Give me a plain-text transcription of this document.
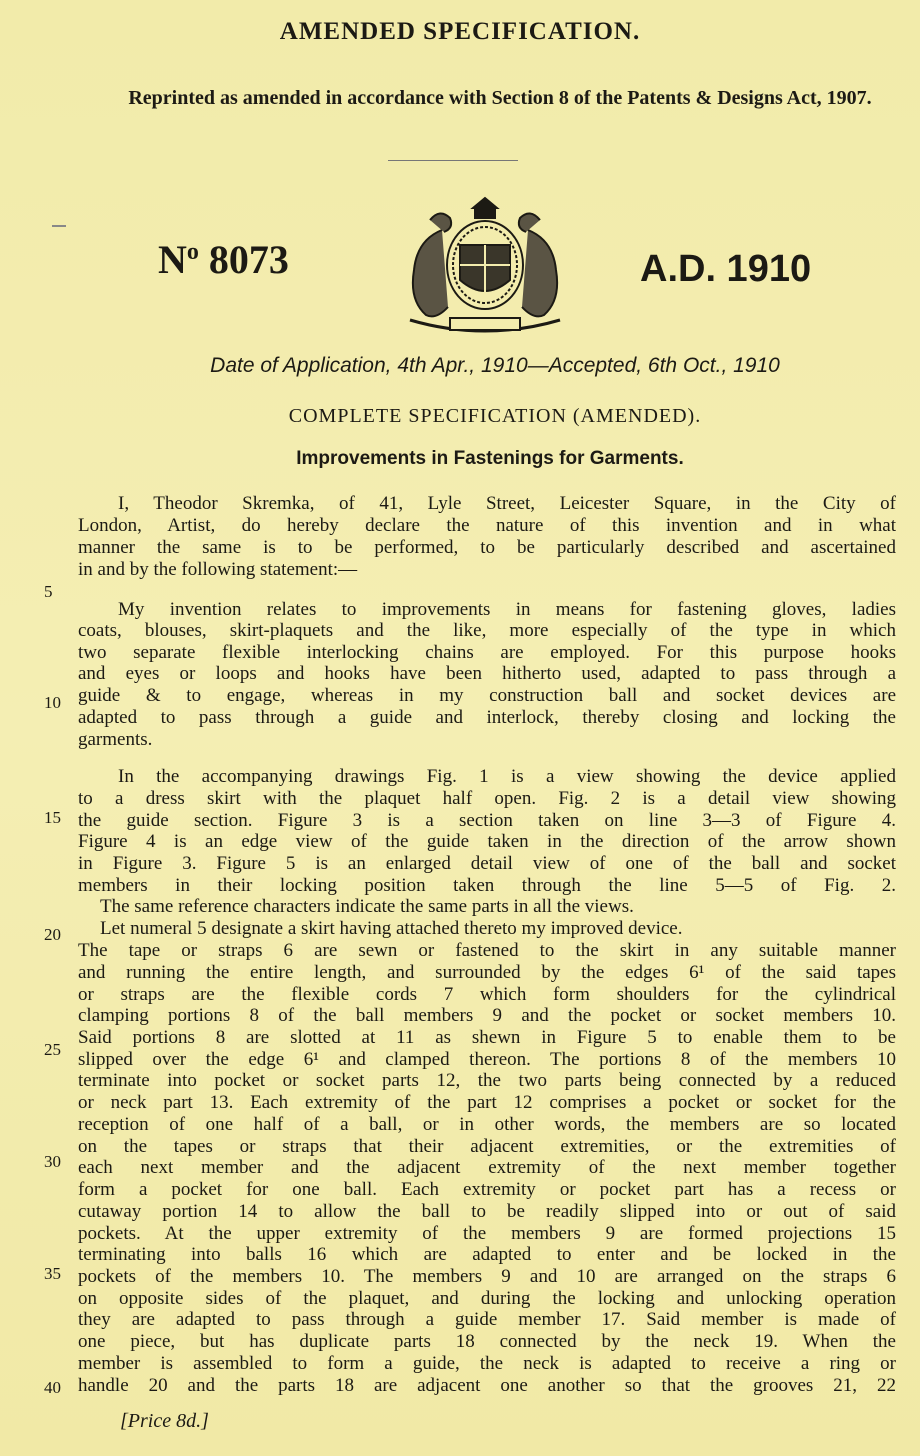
AMENDED SPECIFICATION.
Reprinted as amended in accordance with Section 8 of the Patents & Designs Act, 1907.
$N^o$ 8073	A.D. 1910
Date of Application, 4th Apr., 1910—Accepted, 6th Oct., 1910
COMPLETE SPECIFICATION (AMENDED).
Improvements in Fastenings for Garments.
I, Theodor Skremka, of 41, Lyle Street, Leicester Square, in the City of
London, Artist, do hereby declare the nature of this invention and in what
manner the same is to be performed, to be particularly described and ascertained
in and by the following statement:—
5
My invention relates to improvements in means for fastening gloves, ladies
coats, blouses, skirt-plaquets and the like, more especially of the type in which
two separate flexible interlocking chains are employed. For this purpose hooks
and eyes or loops and hooks have been hitherto used, adapted to pass through a
guide & to engage, whereas in my construction ball and socket devices are
10
adapted to pass through a guide and interlock, thereby closing and locking the
garments.
In the accompanying drawings Fig. 1 is a view showing the device applied
to a dress skirt with the plaquet half open. Fig. 2 is a detail view showing
the guide section. Figure 3 is a section taken on line 3—3 of Figure 4.
15
Figure 4 is an edge view of the guide taken in the direction of the arrow shown
in Figure 3. Figure 5 is an enlarged detail view of one of the ball and socket
members in their locking position taken through the line 5—5 of Fig. 2.
The same reference characters indicate the same parts in all the views.
Let numeral 5 designate a skirt having attached thereto my improved device.
20
The tape or straps 6 are sewn or fastened to the skirt in any suitable manner
and running the entire length, and surrounded by the edges 6¹ of the said tapes
or straps are the flexible cords 7 which form shoulders for the cylindrical
clamping portions 8 of the ball members 9 and the pocket or socket members 10.
Said portions 8 are slotted at 11 as shewn in Figure 5 to enable them to be
25 slipped over the edge 6¹ and clamped thereon. The portions 8 of the members 10
terminate into pocket or socket parts 12, the two parts being connected by a reduced
or neck part 13. Each extremity of the part 12 comprises a pocket or socket for the
reception of one half of a ball, or in other words, the members are so located
on the tapes or straps that their adjacent extremities, or the extremities of
30 each next member and the adjacent extremity of the next member together
form a pocket for one ball. Each extremity or pocket part has a recess or
cutaway portion 14 to allow the ball to be readily slipped into or out of said
pockets. At the upper extremity of the members 9 are formed projections 15
terminating into balls 16 which are adapted to enter and be locked in the
35 pockets of the members 10. The members 9 and 10 are arranged on the straps 6
on opposite sides of the plaquet, and during the locking and unlocking operation
they are adapted to pass through a guide member 17. Said member is made of
one piece, but has duplicate parts 18 connected by the neck 19. When the
member is assembled to form a guide, the neck is adapted to receive a ring or
40 handle 20 and the parts 18 are adjacent one another so that the grooves 21, 22
[Price 8d.]
